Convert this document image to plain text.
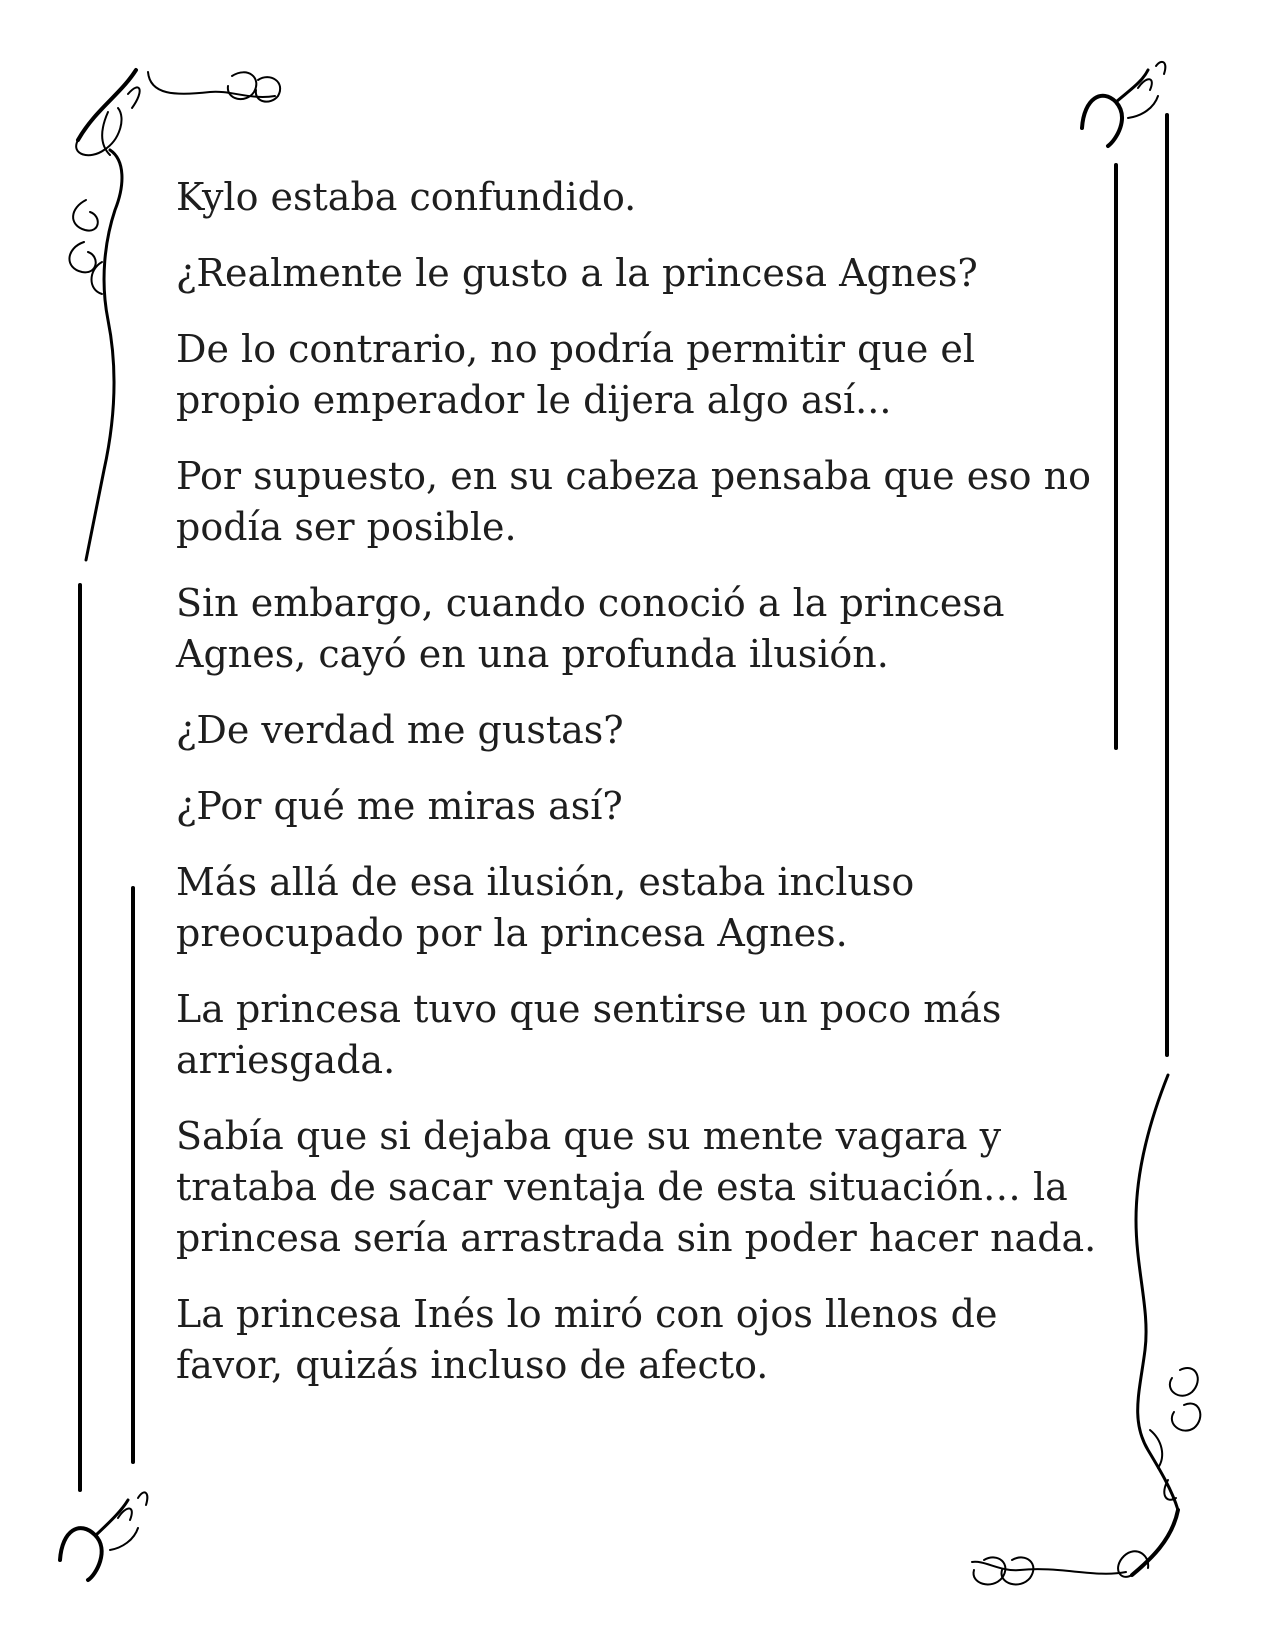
Kylo estaba confundido.

¿Realmente le gusto a la princesa Agnes?

De lo contrario, no podría permitir que el propio emperador le dijera algo así...

Por supuesto, en su cabeza pensaba que eso no podía ser posible.

Sin embargo, cuando conoció a la princesa Agnes, cayó en una profunda ilusión.

¿De verdad me gustas?

¿Por qué me miras así?

Más allá de esa ilusión, estaba incluso preocupado por la princesa Agnes.

La princesa tuvo que sentirse un poco más arriesgada.

Sabía que si dejaba que su mente vagara y trataba de sacar ventaja de esta situación… la princesa sería arrastrada sin poder hacer nada.

La princesa Inés lo miró con ojos llenos de favor, quizás incluso de afecto.
